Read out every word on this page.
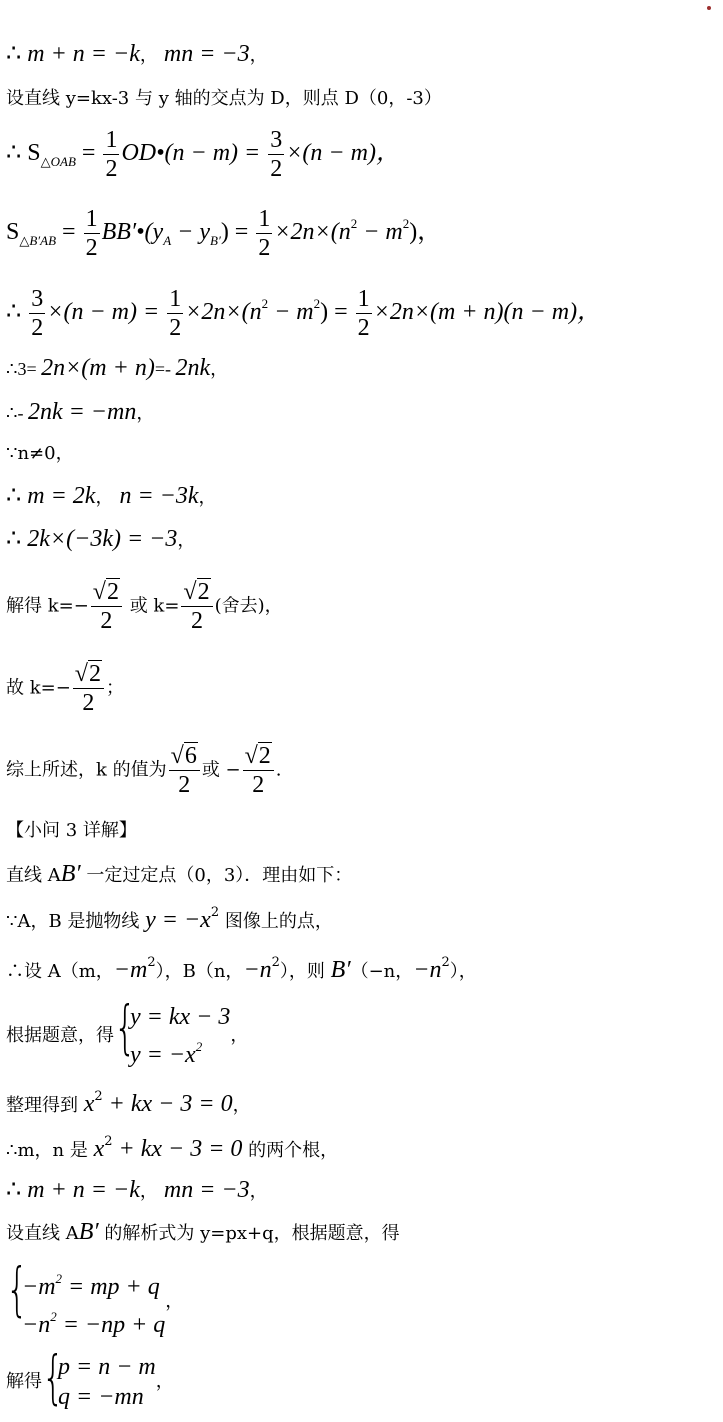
∴ m + n = −k， mn = −3，
设直线 y=kx-3 与 y 轴的交点为 D，则点 D（0，-3）
∴ $S_{\triangle OAB} = \frac{1}{2}$ OD•(n − $m) = \frac{3}{2} \times(n - m)$，
$S_{\triangle B'AB} = \frac{1}{2}$ $BB'•(y_A - y_{B'}) = \frac{1}{2} \times 2n\times(n^2 - m^2)$，
∴ $\frac{3}{2} \times(n - m) = \frac{1}{2} \times 2n\times(n^2 - m^2) = \frac{1}{2} \times 2n\times(m + n)(n - m)$，
∴3= 2n×(m + n)=- 2nk，
∴- 2nk = −mn，
∵n≠0，
∴ m = 2k， n = −3k，
∴ 2k×(−3k) = −3，
解得 $k=- \frac{√2}{2}$ 或 $k= \frac{√2}{2}$ (舍去)，
故 $k=- \frac{√2}{2}$ ；
综上所述，k 的值为 $\frac{√6}{2}$ 或 − $\frac{√2}{2}$ .
【小问 3 详解】
直线 AB′ 一定过定点（0，3）．理由如下：
∵A，B 是抛物线 $y = -x^2$ 图像上的点，
∴设 A（m，$-m^2$），B（n，$-n^2$），则 B′（−n，$-n^2$），
根据题意，得 {
y = kx − 3
$y = -x^2$
，
整理得到 $x^2$ + kx − 3 = 0，
∴m，n 是 $x^2$ + kx − 3 = 0 的两个根，
∴ m + n = −k， mn = −3，
设直线 AB′ 的解析式为 y=px+q，根据题意，得
{
$-m^2$ = mp + q
$-n^2 = -np + q$
，
解得 {
p = n − m
q = −mn
，
